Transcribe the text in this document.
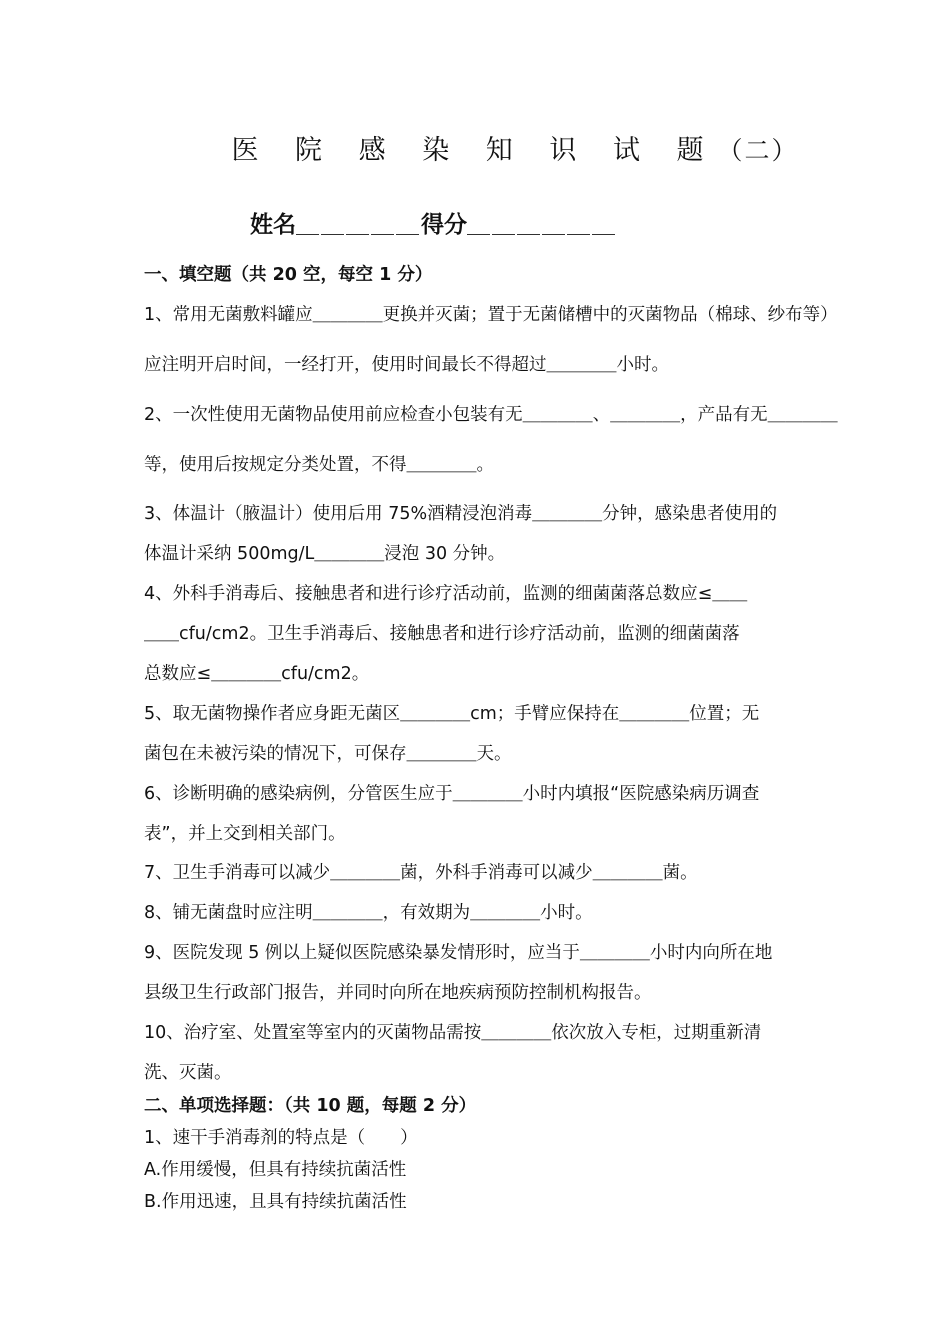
医 院 感 染 知 识 试 题（二）
姓名＿＿＿＿＿得分＿＿＿＿＿＿
一、填空题（共 20 空，每空 1 分）
1、常用无菌敷料罐应＿＿＿＿更换并灭菌；置于无菌储槽中的灭菌物品（棉球、纱布等）
应注明开启时间，一经打开，使用时间最长不得超过＿＿＿＿小时。
2、一次性使用无菌物品使用前应检查小包装有无＿＿＿＿、＿＿＿＿，产品有无＿＿＿＿
等，使用后按规定分类处置，不得＿＿＿＿。
3、体温计（腋温计）使用后用 75%酒精浸泡消毒＿＿＿＿分钟，感染患者使用的
体温计采纳 500mg/L＿＿＿＿浸泡 30 分钟。
4、外科手消毒后、接触患者和进行诊疗活动前，监测的细菌菌落总数应≤＿＿
＿＿cfu/cm2。卫生手消毒后、接触患者和进行诊疗活动前，监测的细菌菌落
总数应≤＿＿＿＿cfu/cm2。
5、取无菌物操作者应身距无菌区＿＿＿＿cm；手臂应保持在＿＿＿＿位置；无
菌包在未被污染的情况下，可保存＿＿＿＿天。
6、诊断明确的感染病例，分管医生应于＿＿＿＿小时内填报“医院感染病历调查
表”，并上交到相关部门。
7、卫生手消毒可以减少＿＿＿＿菌，外科手消毒可以减少＿＿＿＿菌。
8、铺无菌盘时应注明＿＿＿＿，有效期为＿＿＿＿小时。
9、医院发现 5 例以上疑似医院感染暴发情形时，应当于＿＿＿＿小时内向所在地
县级卫生行政部门报告，并同时向所在地疾病预防控制机构报告。
10、治疗室、处置室等室内的灭菌物品需按＿＿＿＿依次放入专柜，过期重新清
洗、灭菌。
二、单项选择题：（共 10 题，每题 2 分）
1、速干手消毒剂的特点是（　　）
A.作用缓慢，但具有持续抗菌活性
B.作用迅速，且具有持续抗菌活性
